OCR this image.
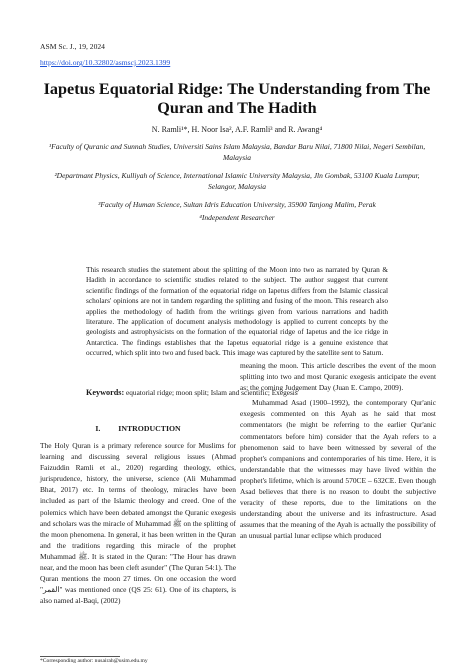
ASM Sc. J., 19, 2024
https://doi.org/10.32802/asmscj.2023.1399
Iapetus Equatorial Ridge: The Understanding from The Quran and The Hadith
N. Ramli¹*, H. Noor Isa², A.F. Ramli³ and R. Awang⁴
¹Faculty of Quranic and Sunnah Studies, Universiti Sains Islam Malaysia, Bandar Baru Nilai, 71800 Nilai, Negeri Sembilan, Malaysia
²Departmant Physics, Kulliyah of Science, International Islamic University Malaysia, Jln Gombak, 53100 Kuala Lumpur, Selangor, Malaysia
³Faculty of Human Science, Sultan Idris Education University, 35900 Tanjong Malim, Perak
⁴Independent Researcher

This research studies the statement about the splitting of the Moon into two as narrated by Quran & Hadith in accordance to scientific studies related to the subject. The author suggest that current scientific findings of the formation of the equatorial ridge on Iapetus differs from the Islamic classical scholars' opinions are not in tandem regarding the splitting and fusing of the moon. This research also applies the methodology of hadith from the writings given from various narrations and hadith literature. The application of document analysis methodology is applied to current concepts by the geologists and astrophysicists on the formation of the equatorial ridge of Iapetus and the ice ridge in Antarctica. The findings establishes that the Iapetus equatorial ridge is a genuine existence that occurred, which split into two and fused back. This image was captured by the satellite sent to Saturn.

Keywords: equatorial ridge; moon split; Islam and scientific; Exegesis
I. INTRODUCTION

The Holy Quran is a primary reference source for Muslims for learning and discussing several religious issues (Ahmad Faizuddin Ramli et al., 2020) regarding theology, ethics, jurisprudence, history, the universe, science (Ali Muhammad Bhat, 2017) etc. In terms of theology, miracles have been included as part of the Islamic theology and creed. One of the polemics which have been debated amongst the Quranic exegesis and scholars was the miracle of Muhammad ﷺ on the splitting of the moon phenomena. In general, it has been written in the Quran and the traditions regarding this miracle of the prophet Muhammad ﷺ. It is stated in the Quran: "The Hour has drawn near, and the moon has been cleft asunder" (The Quran 54:1). The Quran mentions the moon 27 times. On one occasion the word "القمر" was mentioned once (QS 25: 61). One of its chapters, is also named al-Baqi, (2002)

meaning the moon. This article describes the event of the moon splitting into two and most Quranic exegesis anticipate the event as; the coming Judgement Day (Juan E. Campo, 2009).

Muhammad Asad (1900–1992), the contemporary Qur'anic exegesis commented on this Ayah as he said that most commentators (he might be referring to the earlier Qur'anic commentators before him) consider that the Ayah refers to a phenomenon said to have been witnessed by several of the prophet's companions and contemporaries of his time. Here, it is understandable that the witnesses may have lived within the prophet's lifetime, which is around 570CE – 632CE. Even though Asad believes that there is no reason to doubt the subjective veracity of these reports, due to the limitations on the understanding about the universe and its infrastructure. Asad assumes that the meaning of the Ayah is actually the possibility of an unusual partial lunar eclipse which produced

*Corresponding author: nusairah@usim.edu.my
